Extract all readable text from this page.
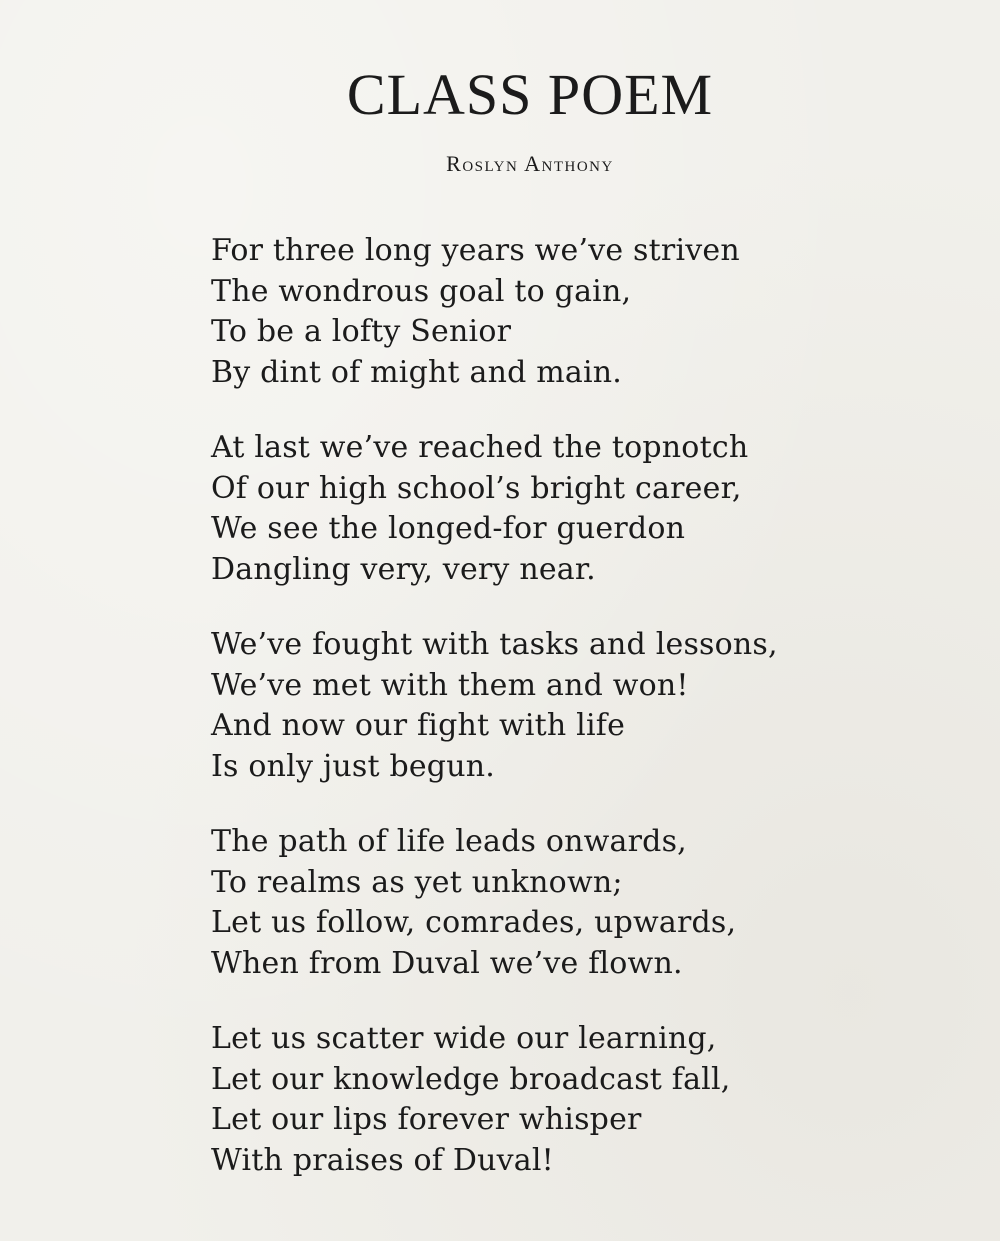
CLASS POEM
Roslyn Anthony
For three long years we’ve striven
The wondrous goal to gain,
To be a lofty Senior
By dint of might and main.
At last we’ve reached the topnotch
Of our high school’s bright career,
We see the longed-for guerdon
Dangling very, very near.
We’ve fought with tasks and lessons,
We’ve met with them and won!
And now our fight with life
Is only just begun.
The path of life leads onwards,
To realms as yet unknown;
Let us follow, comrades, upwards,
When from Duval we’ve flown.
Let us scatter wide our learning,
Let our knowledge broadcast fall,
Let our lips forever whisper
With praises of Duval!
